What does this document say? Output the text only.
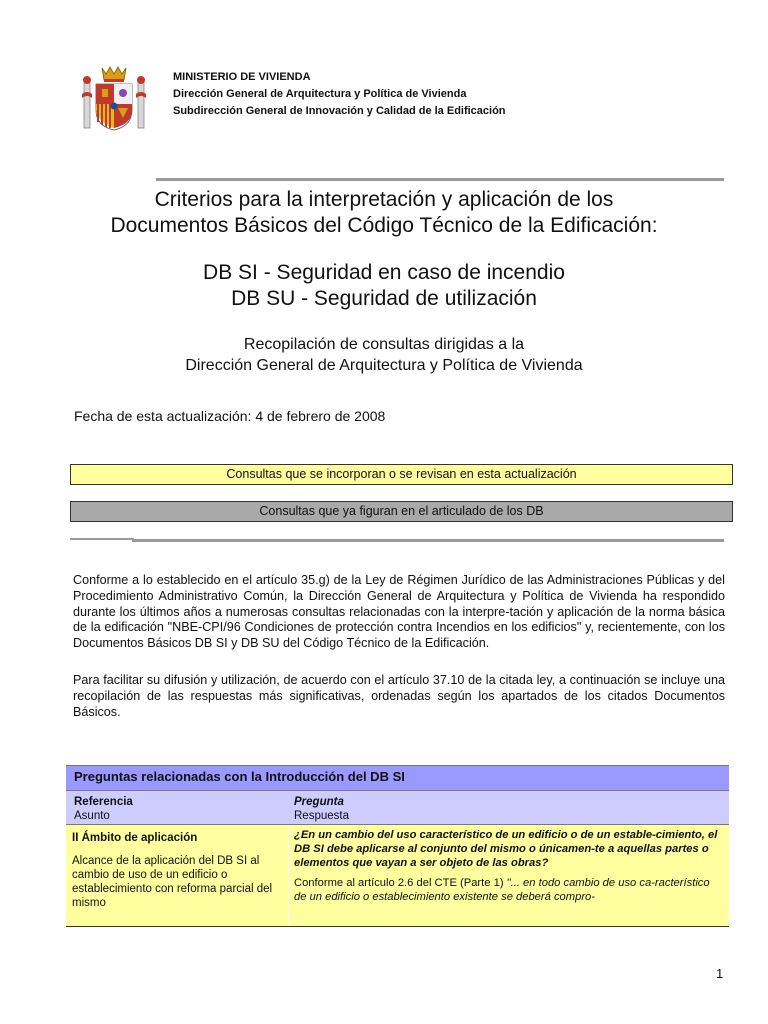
MINISTERIO DE VIVIENDA
Dirección General de Arquitectura y Política de Vivienda
Subdirección General de Innovación y Calidad de la Edificación
Criterios para la interpretación y aplicación de los
Documentos Básicos del Código Técnico de la Edificación:
DB SI - Seguridad en caso de incendio
DB SU - Seguridad de utilización
Recopilación de consultas dirigidas a la
Dirección General de Arquitectura y Política de Vivienda
Fecha de esta actualización: 4 de febrero de 2008
Consultas que se incorporan o se revisan en esta actualización
Consultas que ya figuran en el articulado de los DB
Conforme a lo establecido en el artículo 35.g) de la Ley de Régimen Jurídico de las Administraciones Públicas y del Procedimiento Administrativo Común, la Dirección General de Arquitectura y Política de Vivienda ha respondido durante los últimos años a numerosas consultas relacionadas con la interpre-tación y aplicación de la norma básica de la edificación "NBE-CPI/96 Condiciones de protección contra Incendios en los edificios" y, recientemente, con los Documentos Básicos DB SI y DB SU del Código Técnico de la Edificación.
Para facilitar su difusión y utilización, de acuerdo con el artículo 37.10 de la citada ley, a continuación se incluye una recopilación de las respuestas más significativas, ordenadas según los apartados de los citados Documentos Básicos.
Preguntas relacionadas con la Introducción del DB SI
Referencia
Asunto
Pregunta
Respuesta
II Ámbito de aplicación
Alcance de la aplicación del DB SI al cambio de uso de un edificio o establecimiento con reforma parcial del mismo
¿En un cambio del uso característico de un edificio o de un estable-cimiento, el DB SI debe aplicarse al conjunto del mismo o únicamen-te a aquellas partes o elementos que vayan a ser objeto de las obras?
Conforme al artículo 2.6 del CTE (Parte 1) "... en todo cambio de uso ca-racterístico de un edificio o establecimiento existente se deberá compro-
1
